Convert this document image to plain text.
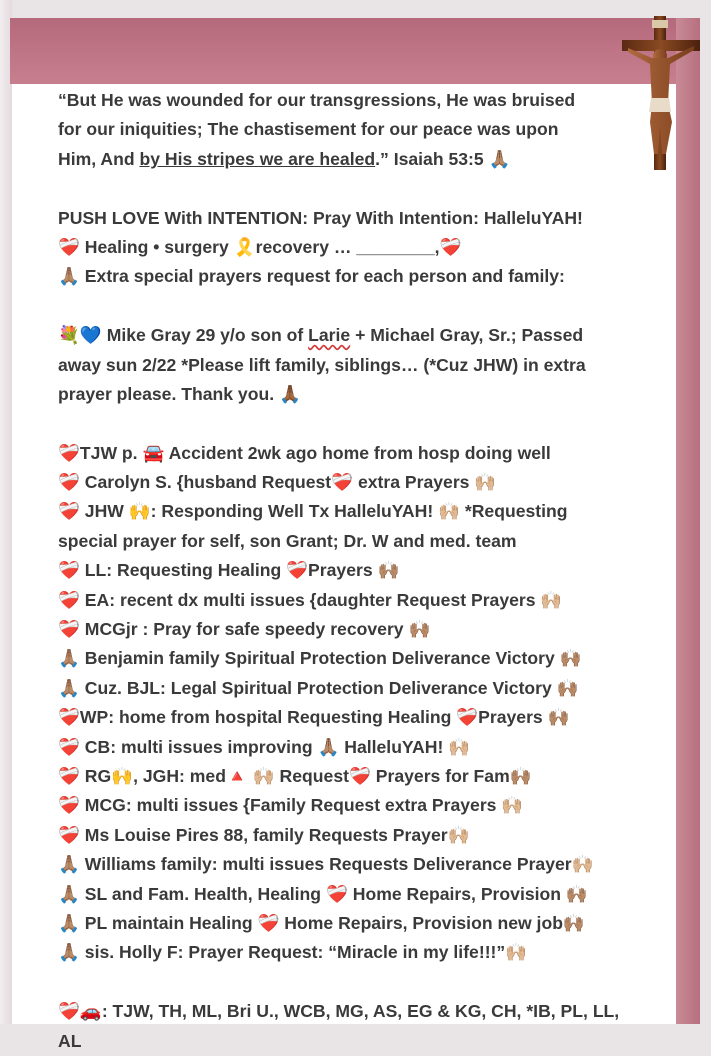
“But He was wounded for our transgressions, He was bruised
for our iniquities; The chastisement for our peace was upon
Him, And by His stripes we are healed.” Isaiah 53:5 🙏🏽
PUSH LOVE With INTENTION: Pray With Intention: HalleluYAH!
❤️‍🩹 Healing • surgery 🎗️recovery … ________,❤️‍🩹
🙏🏽 Extra special prayers request for each person and family:
💐💙 Mike Gray 29 y/o son of Larie + Michael Gray, Sr.; Passed
away sun 2/22 *Please lift family, siblings… (*Cuz JHW) in extra
prayer please. Thank you. 🙏🏾
❤️‍🩹TJW p. 🚘 Accident 2wk ago home from hosp doing well
❤️‍🩹 Carolyn S. {husband Request❤️‍🩹 extra Prayers 🙌🏼
❤️‍🩹 JHW 🙌: Responding Well Tx HalleluYAH! 🙌🏼 *Requesting
special prayer for self, son Grant; Dr. W and med. team
❤️‍🩹 LL: Requesting Healing ❤️‍🩹Prayers 🙌🏽
❤️‍🩹 EA: recent dx multi issues {daughter Request Prayers 🙌🏼
❤️‍🩹 MCGjr : Pray for safe speedy recovery 🙌🏽
🙏🏽 Benjamin family Spiritual Protection Deliverance Victory 🙌🏽
🙏🏽 Cuz. BJL: Legal Spiritual Protection Deliverance Victory 🙌🏽
❤️‍🩹WP: home from hospital Requesting Healing ❤️‍🩹Prayers 🙌🏽
❤️‍🩹 CB: multi issues improving 🙏🏽 HalleluYAH! 🙌🏼
❤️‍🩹 RG🙌, JGH: med🔺 🙌🏼 Request❤️‍🩹 Prayers for Fam🙌🏽
❤️‍🩹 MCG: multi issues {Family Request extra Prayers 🙌🏼
❤️‍🩹 Ms Louise Pires 88, family Requests Prayer🙌🏼
🙏🏽 Williams family: multi issues Requests Deliverance Prayer🙌🏼
🙏🏽 SL and Fam. Health, Healing ❤️‍🩹 Home Repairs, Provision 🙌🏽
🙏🏽 PL maintain Healing ❤️‍🩹 Home Repairs, Provision new job🙌🏽
🙏🏽 sis. Holly F: Prayer Request: “Miracle in my life!!!”🙌🏼
❤️‍🩹🚗: TJW, TH, ML, Bri U., WCB, MG, AS, EG & KG, CH, *IB, PL, LL,
AL
